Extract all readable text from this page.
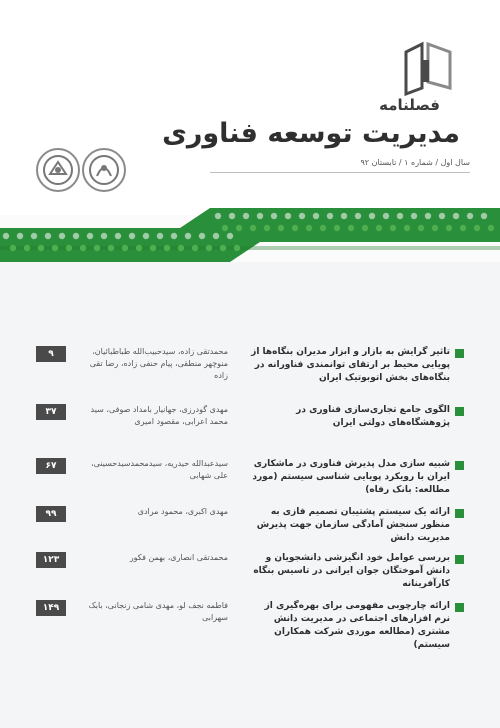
فصلنامه
مدیریت توسعه فناوری
سال اول / شماره ۱ / تابستان ۹۲
تاثیر گرایش به بازار و ابزار مدیران بنگاه‌ها از پویایی محیط بر ارتقای توانمندی فناورانه در بنگاه‌های بخش اتوبوتیک ایران
محمدتقی زاده، سیدحبیب‌الله طباطبائیان، منوچهر منطقی، پیام حنفی زاده، رضا تقی زاده
۹
الگوی جامع تجاری‌سازی فناوری در پژوهشگاه‌های دولتی ایران
مهدی گودرزی، جهانیار بامداد صوفی، سید محمد اعرابی، مقصود امیری
۳۷
شبیه سازی مدل پذیرش فناوری در ماشکاری ایران با رویکرد پویایی شناسی سیستم (مورد مطالعه: بانک رفاه)
سیدعبدالله حیدریه، سیدمحمدسیدحسینی، علی شهابی
۶۷
ارائه یک سیستم پشتیبان تصمیم فازی به منظور سنجش آمادگی سازمان جهت پذیرش مدیریت دانش
مهدی اکبری، محمود مرادی
۹۹
بررسی عوامل خود انگیزشی دانشجویان و دانش آموختگان جوان ایرانی در تاسیس بنگاه کارآفرینانه
محمدتقی انصاری، بهمن فکور
۱۲۳
ارائه چارچوبی مفهومی برای بهره‌گیری از نرم افزارهای اجتماعی در مدیریت دانش مشتری (مطالعه موردی شرکت همکاران سیستم)
فاطمه نجف لو، مهدی شامی زنجانی، بابک سهرابی
۱۴۹
